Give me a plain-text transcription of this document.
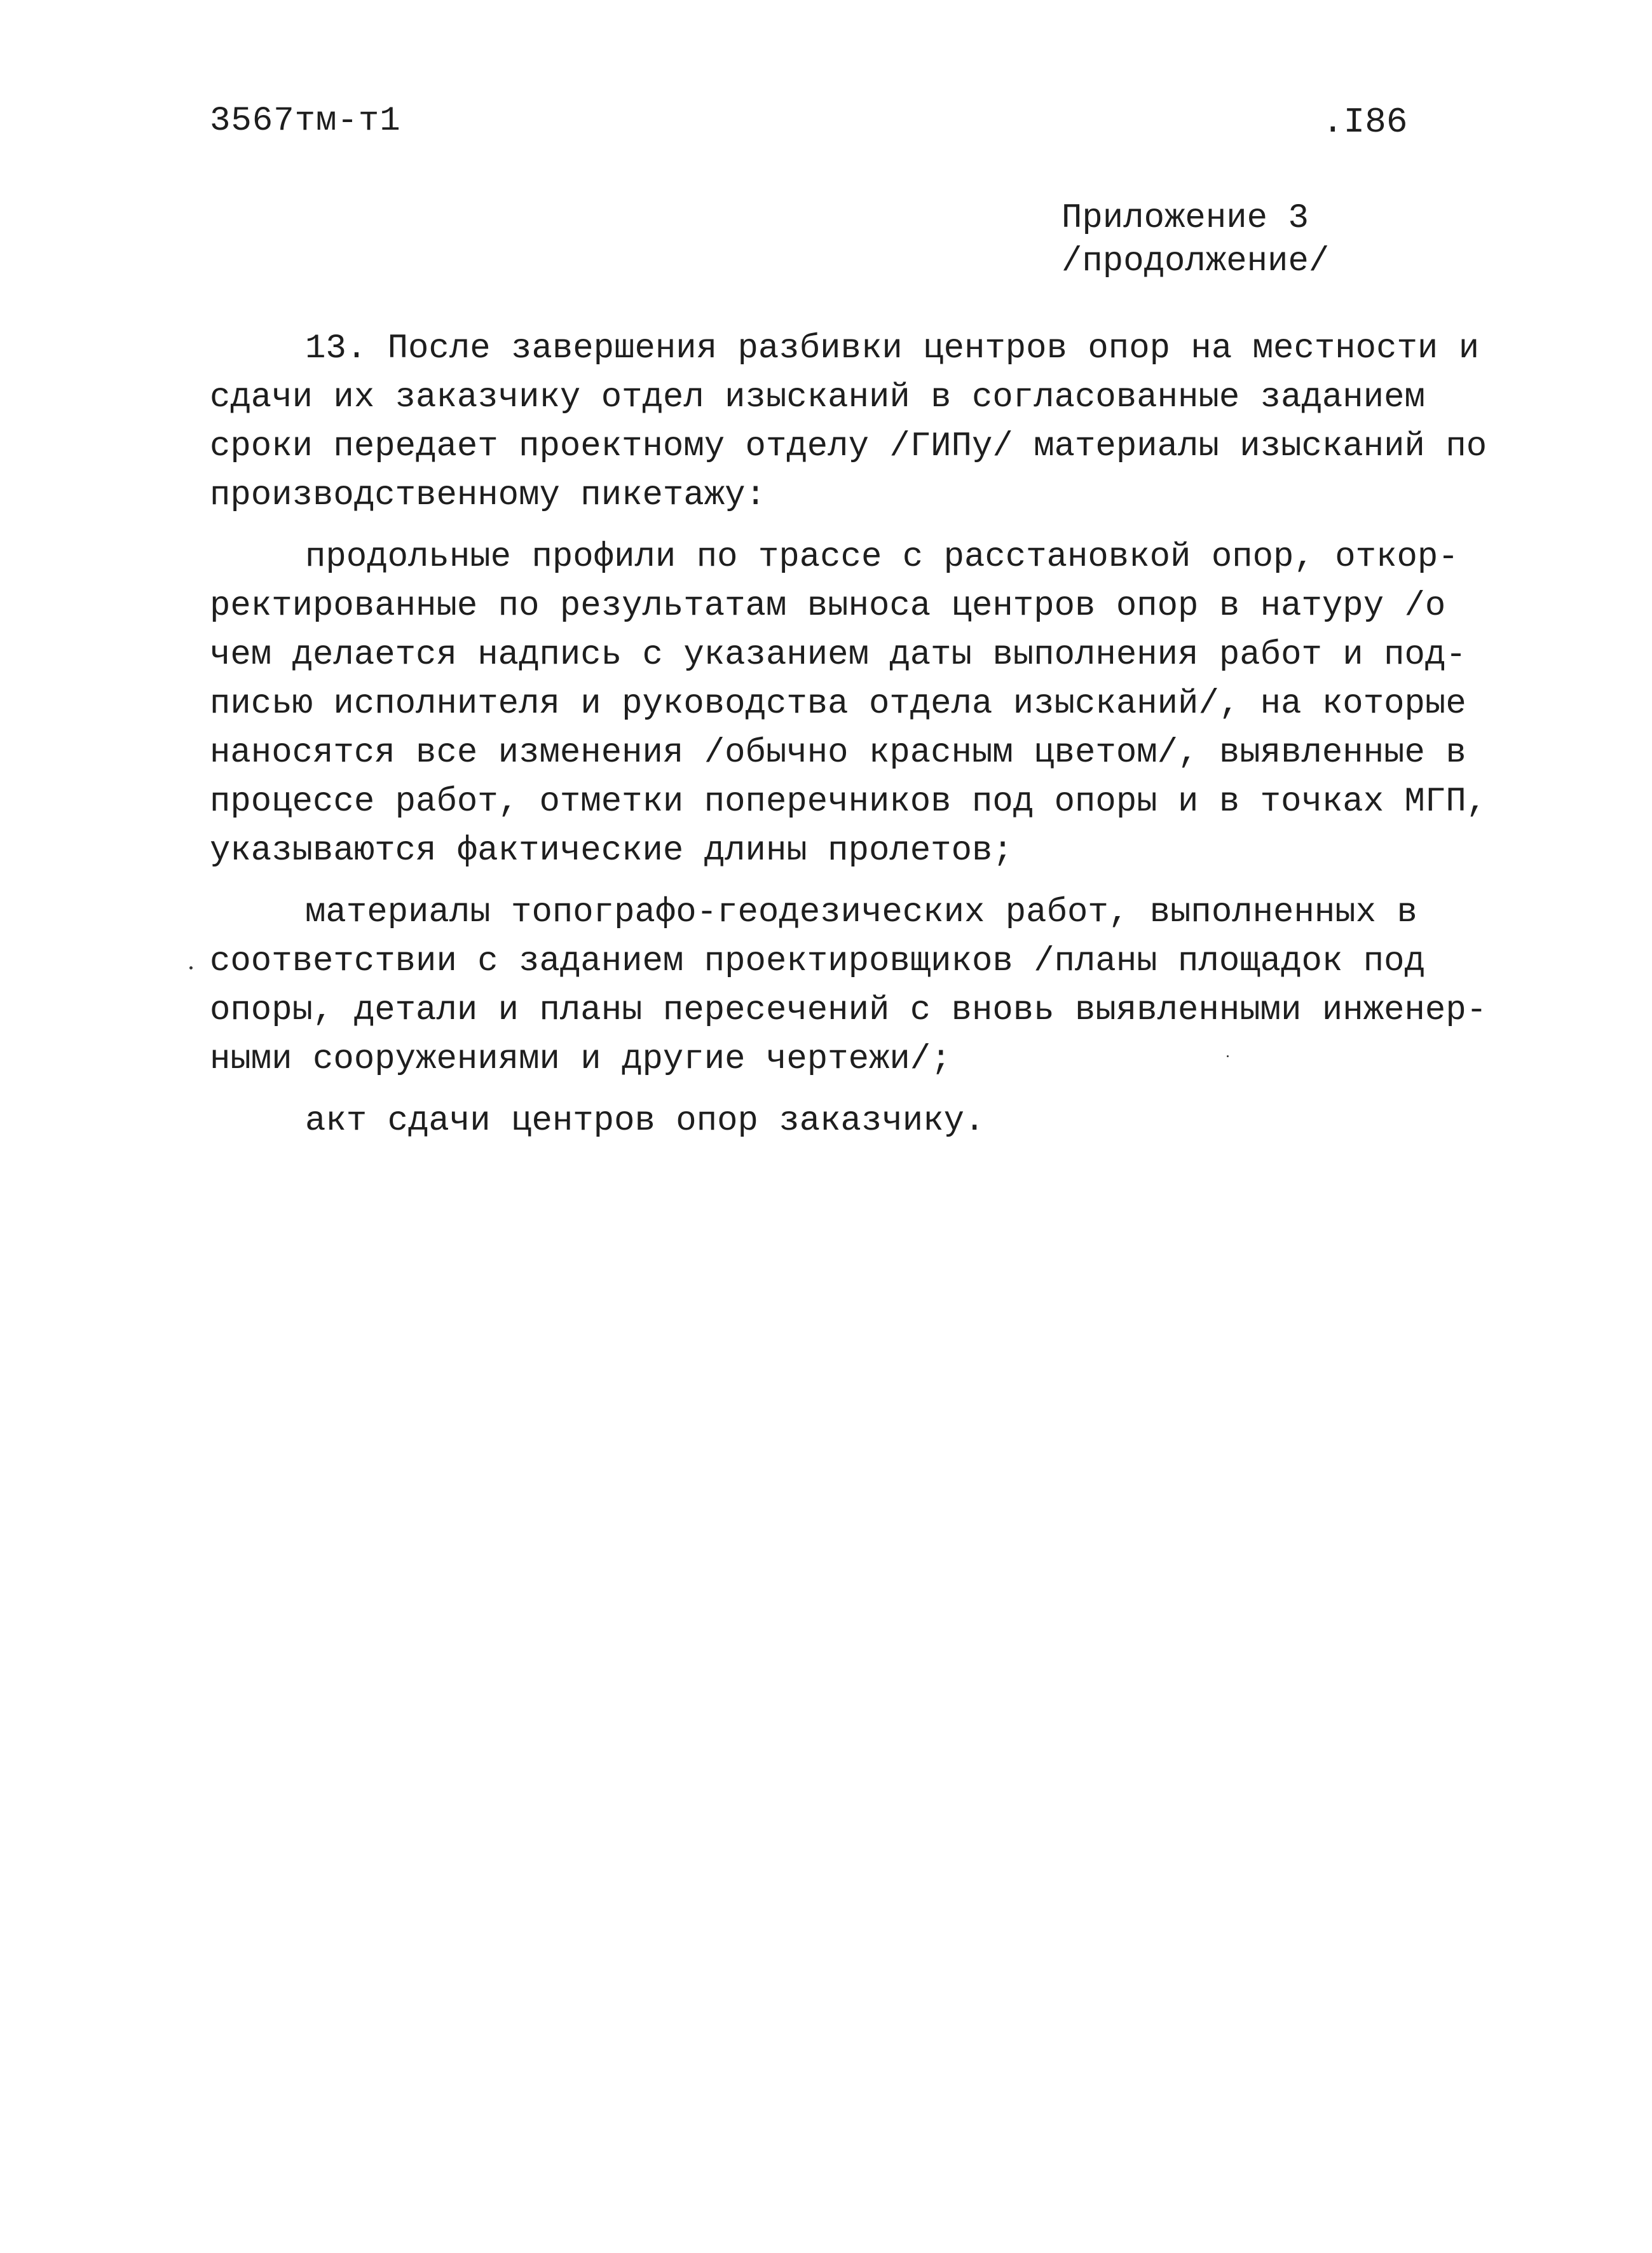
3567тм-т1	.I86
Приложение 3
/продолжение/
13. После завершения разбивки центров опор на местности и
сдачи их заказчику отдел изысканий в согласованные заданием
сроки передает проектному отделу /ГИПу/ материалы изысканий по
производственному пикетажу:
продольные профили по трассе с расстановкой опор, откор-
ректированные по результатам выноса центров опор в натуру /о
чем делается надпись с указанием даты выполнения работ и под-
писью исполнителя и руководства отдела изысканий/, на которые
наносятся все изменения /обычно красным цветом/, выявленные в
процессе работ, отметки поперечников под опоры и в точках МГП,
указываются фактические длины пролетов;
материалы топографо-геодезических работ, выполненных в
соответствии с заданием проектировщиков /планы площадок под
опоры, детали и планы пересечений с вновь выявленными инженер-
ными сооружениями и другие чертежи/;
акт сдачи центров опор заказчику.
